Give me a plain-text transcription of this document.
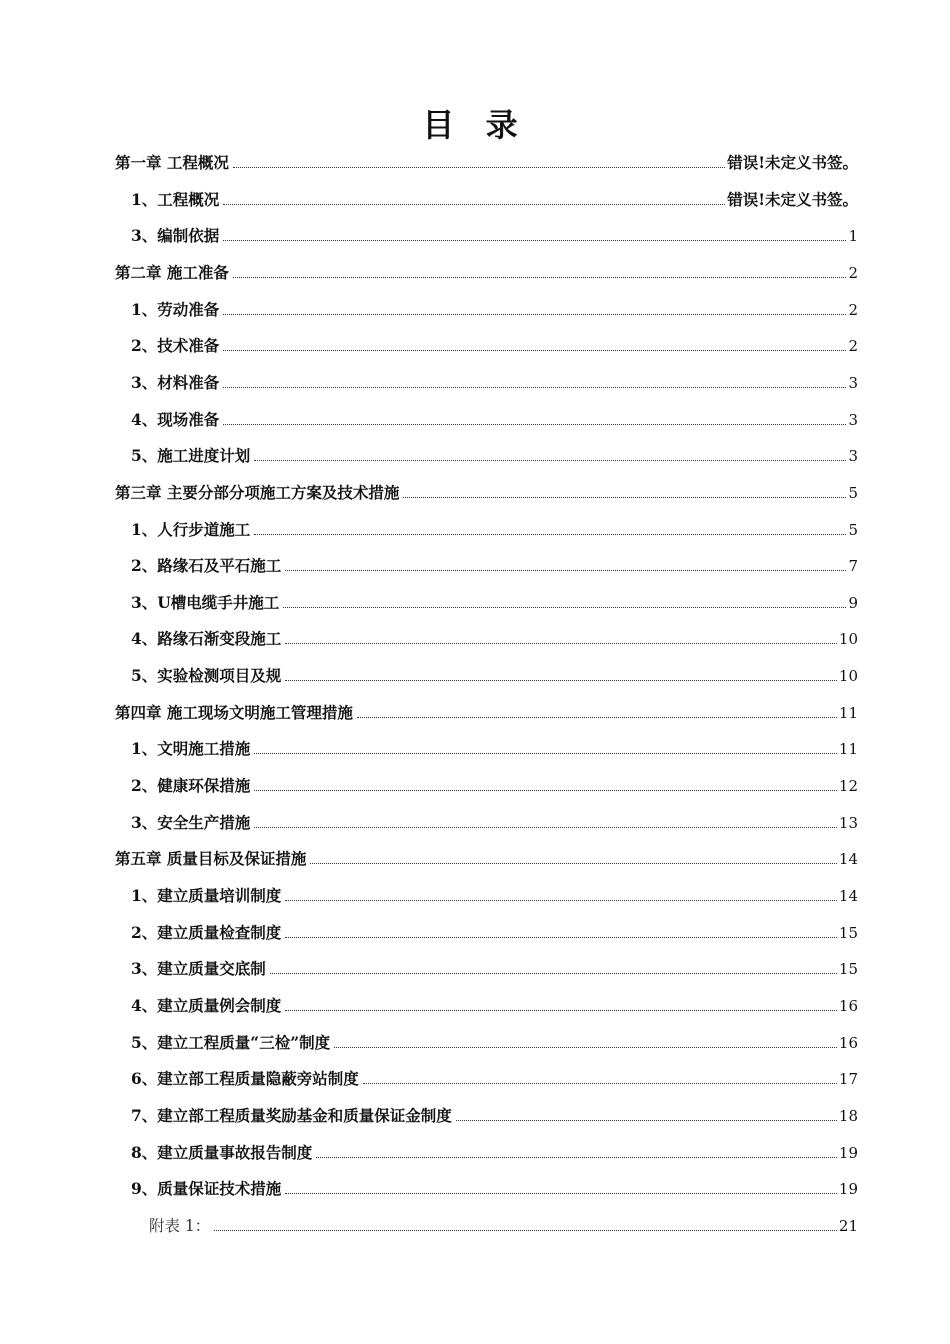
目 录
第一章 工程概况	错误!未定义书签。
1、工程概况	错误!未定义书签。
3、编制依据	1
第二章 施工准备	2
1、劳动准备	2
2、技术准备	2
3、材料准备	3
4、现场准备	3
5、施工进度计划	3
第三章 主要分部分项施工方案及技术措施	5
1、人行步道施工	5
2、路缘石及平石施工	7
3、U槽电缆手井施工	9
4、路缘石渐变段施工	10
5、实验检测项目及规	10
第四章 施工现场文明施工管理措施	11
1、文明施工措施	11
2、健康环保措施	12
3、安全生产措施	13
第五章 质量目标及保证措施	14
1、建立质量培训制度	14
2、建立质量检查制度	15
3、建立质量交底制	15
4、建立质量例会制度	16
5、建立工程质量“三检”制度	16
6、建立部工程质量隐蔽旁站制度	17
7、建立部工程质量奖励基金和质量保证金制度	18
8、建立质量事故报告制度	19
9、质量保证技术措施	19
附表 1：	21
